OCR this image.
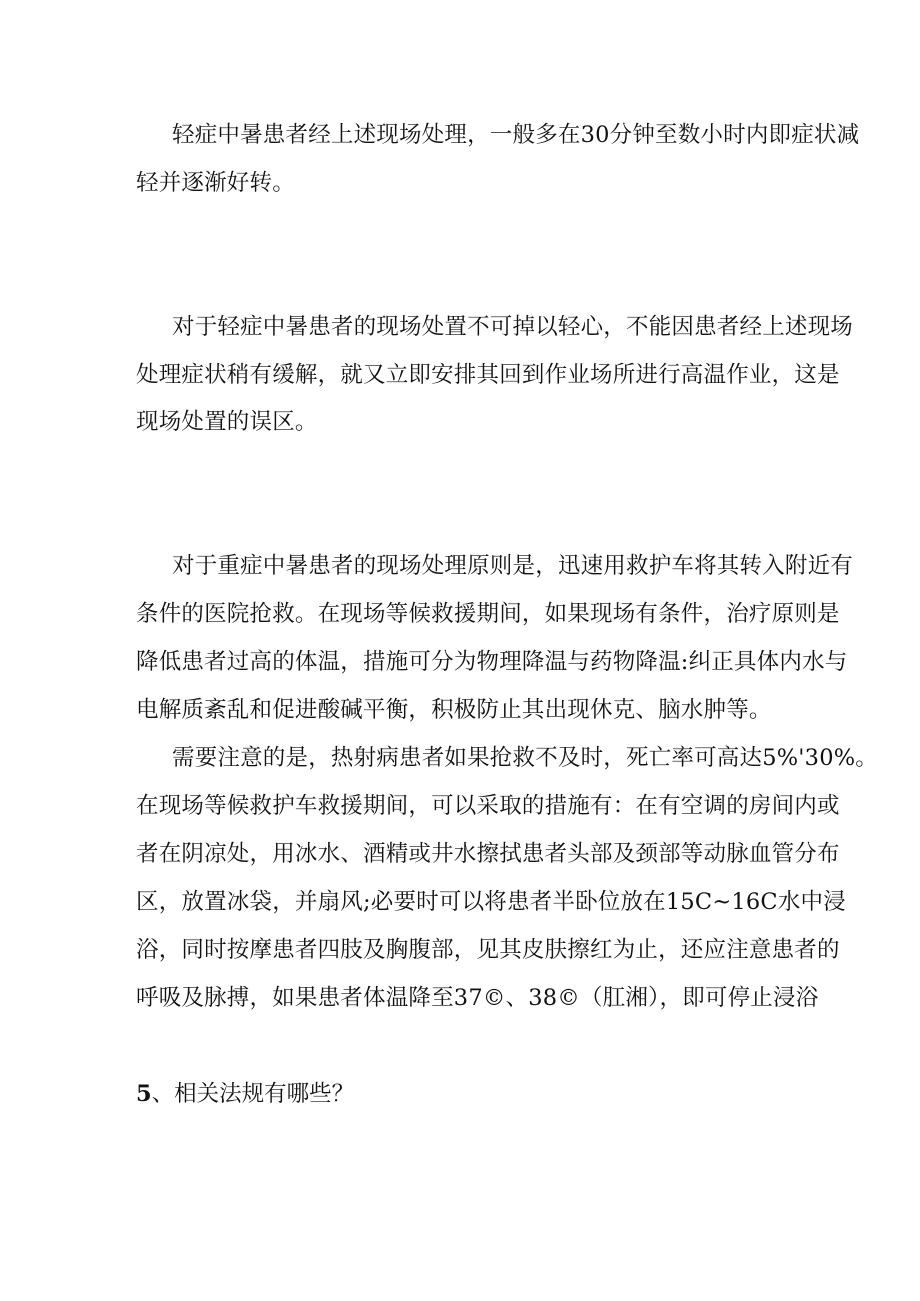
轻症中暑患者经上述现场处理，一般多在30分钟至数小时内即症状减
轻并逐渐好转。
对于轻症中暑患者的现场处置不可掉以轻心，不能因患者经上述现场
处理症状稍有缓解，就又立即安排其回到作业场所进行高温作业，这是
现场处置的误区。
对于重症中暑患者的现场处理原则是，迅速用救护车将其转入附近有
条件的医院抢救。在现场等候救援期间，如果现场有条件，治疗原则是
降低患者过高的体温，措施可分为物理降温与药物降温:纠正具体内水与
电解质紊乱和促进酸碱平衡，积极防止其出现休克、脑水肿等。
需要注意的是，热射病患者如果抢救不及时，死亡率可高达5%'30%。
在现场等候救护车救援期间，可以采取的措施有：在有空调的房间内或
者在阴凉处，用冰水、酒精或井水擦拭患者头部及颈部等动脉血管分布
区，放置冰袋，并扇风;必要时可以将患者半卧位放在15C~16C水中浸
浴，同时按摩患者四肢及胸腹部，见其皮肤擦红为止，还应注意患者的
呼吸及脉搏，如果患者体温降至37©、38©（肛湘），即可停止浸浴
5、相关法规有哪些？
